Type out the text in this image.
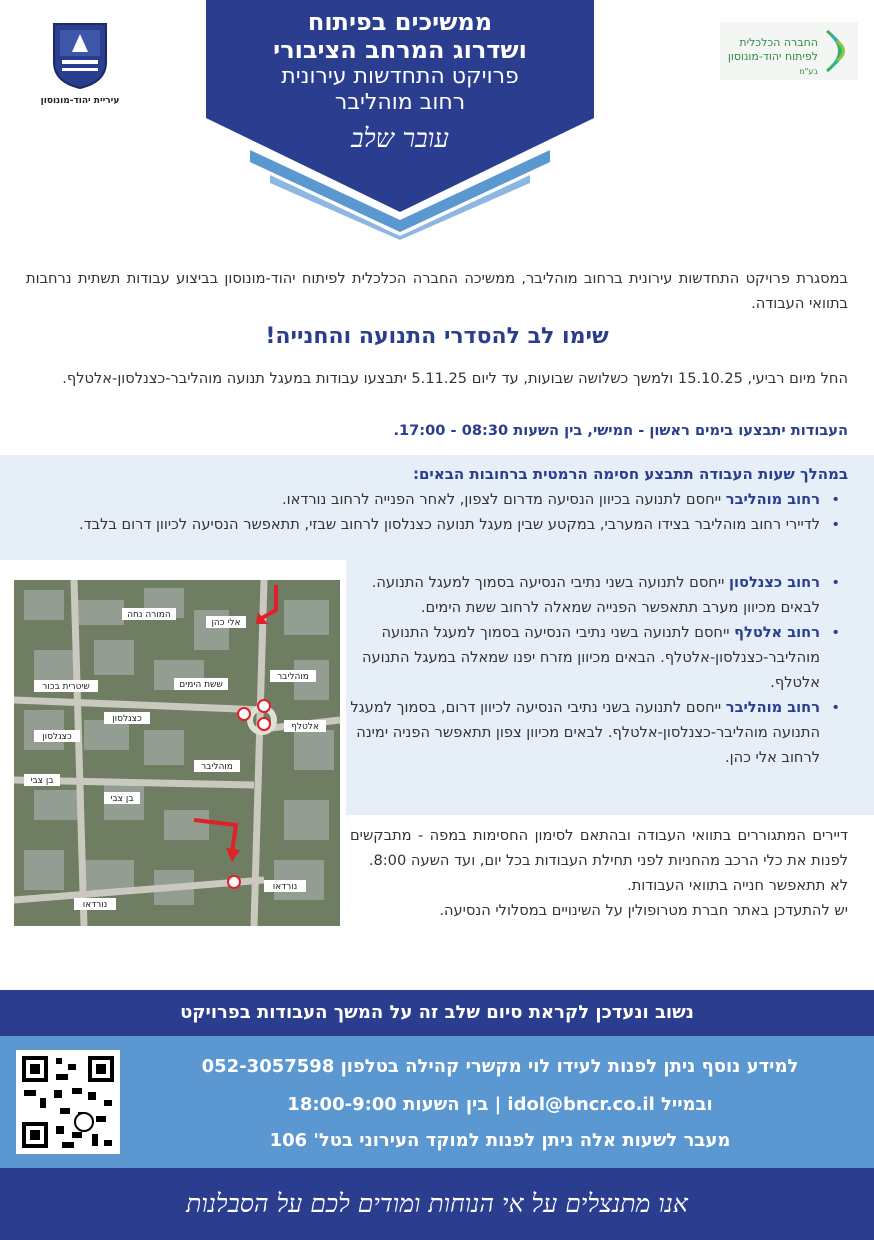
ממשיכים בפיתוח
ושדרוג המרחב הציבורי
פרויקט התחדשות עירונית
רחוב מוהליבר
עובר שלב
עיריית יהוד-מונוסון
החברה הכלכלית
לפיתוח יהוד-מונוסון בע"מ
במסגרת פרויקט התחדשות עירונית ברחוב מוהליבר, ממשיכה החברה הכלכלית לפיתוח יהוד-מונוסון בביצוע עבודות תשתית נרחבות בתוואי העבודה.
שימו לב להסדרי התנועה והחנייה!
החל מיום רביעי, 15.10.25 ולמשך כשלושה שבועות, עד ליום 5.11.25 יתבצעו עבודות במעגל תנועה מוהליבר-כצנלסון-אלטלף.
העבודות יתבצעו בימים ראשון - חמישי, בין השעות 08:30 - 17:00.
במהלך שעות העבודה תתבצע חסימה הרמטית ברחובות הבאים:
• רחוב מוהליבר ייחסם לתנועה בכיוון הנסיעה מדרום לצפון, לאחר הפנייה לרחוב נורדאו.
• לדיירי רחוב מוהליבר בצידו המערבי, במקטע שבין מעגל תנועה כצנלסון לרחוב שבזי, תתאפשר הנסיעה לכיוון דרום בלבד.
• רחוב כצנלסון ייחסם לתנועה בשני נתיבי הנסיעה בסמוך למעגל התנועה. לבאים מכיוון מערב תתאפשר הפנייה שמאלה לרחוב ששת הימים.
• רחוב אלטלף ייחסם לתנועה בשני נתיבי הנסיעה בסמוך למעגל התנועה מוהליבר-כצנלסון-אלטלף. הבאים מכיוון מזרח יפנו שמאלה במעגל התנועה אלטלף.
• רחוב מוהליבר ייחסם לתנועה בשני נתיבי הנסיעה לכיוון דרום, בסמוך למעגל התנועה מוהליבר-כצנלסון-אלטלף. לבאים מכיוון צפון תתאפשר הפניה ימינה לרחוב אלי כהן.
דיירים המתגוררים בתוואי העבודה ובהתאם לסימון החסימות במפה - מתבקשים לפנות את כלי הרכב מהחניות לפני תחילת העבודות בכל יום, ועד השעה 8:00.
לא תתאפשר חנייה בתוואי העבודות.
יש להתעדכן באתר חברת מטרופולין על השינויים במסלולי הנסיעה.
אלי כהן
המורה נחה
שיטרית בכור
כצנלסון
ששת הימים
בן צבי
מוהליבר
אלטלף
נורדאו
בן צבי
כצנלסון
מוהליבר
נורדאו
נשוב ונעדכן לקראת סיום שלב זה על המשך העבודות בפרויקט
למידע נוסף ניתן לפנות לעידו לוי מקשרי קהילה בטלפון 052-3057598
ובמייל idol@bncr.co.il | בין השעות 18:00-9:00
מעבר לשעות אלה ניתן לפנות למוקד העירוני בטל' 106
אנו מתנצלים על אי הנוחות ומודים לכם על הסבלנות
